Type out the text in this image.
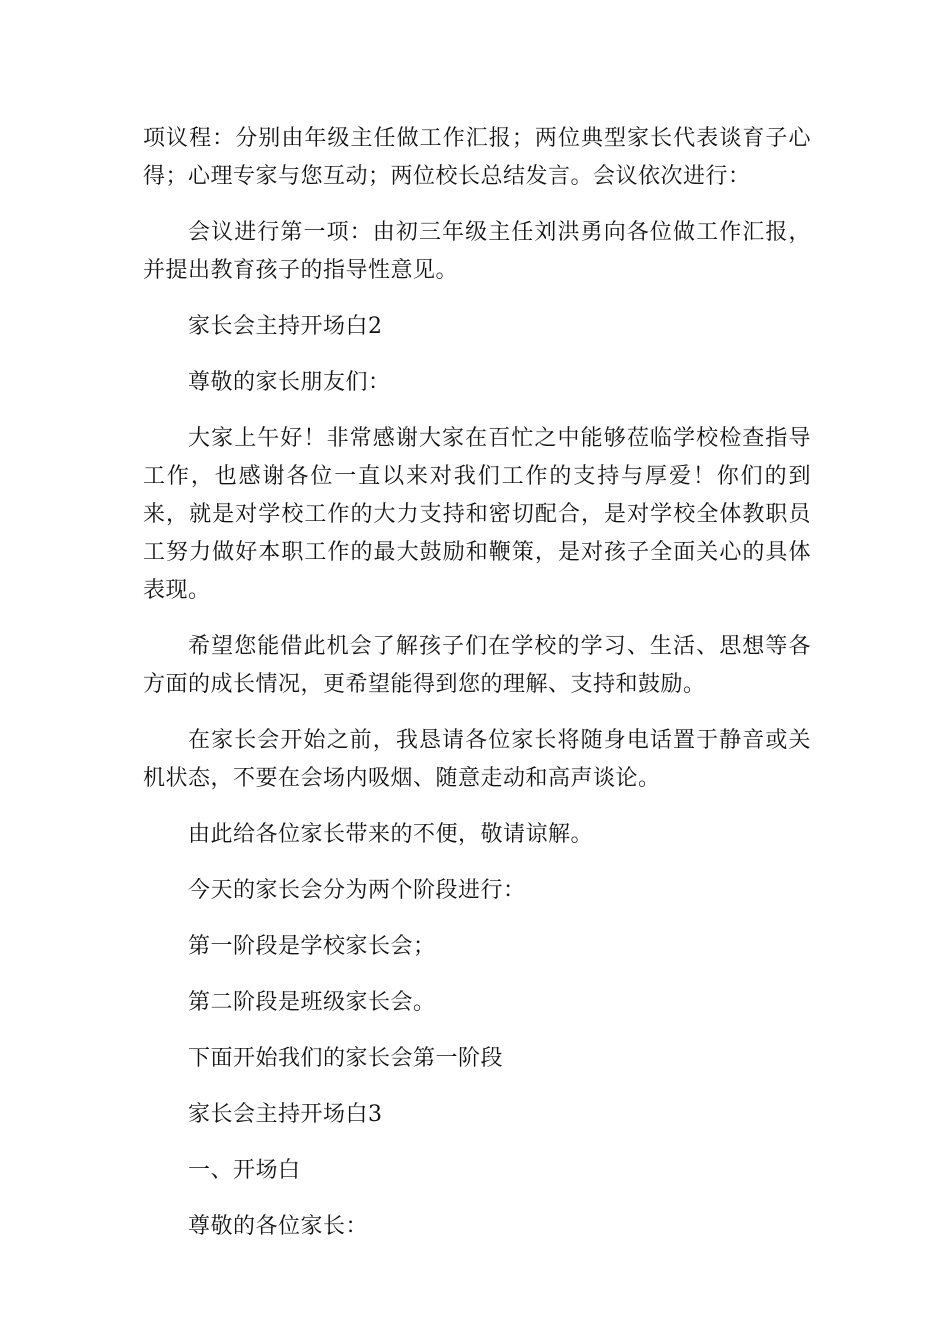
项议程：分别由年级主任做工作汇报；两位典型家长代表谈育子心得；心理专家与您互动；两位校长总结发言。会议依次进行：

会议进行第一项：由初三年级主任刘洪勇向各位做工作汇报，并提出教育孩子的指导性意见。

家长会主持开场白2

尊敬的家长朋友们：

大家上午好！非常感谢大家在百忙之中能够莅临学校检查指导工作，也感谢各位一直以来对我们工作的支持与厚爱！你们的到来，就是对学校工作的大力支持和密切配合，是对学校全体教职员工努力做好本职工作的最大鼓励和鞭策，是对孩子全面关心的具体表现。

希望您能借此机会了解孩子们在学校的学习、生活、思想等各方面的成长情况，更希望能得到您的理解、支持和鼓励。

在家长会开始之前，我恳请各位家长将随身电话置于静音或关机状态，不要在会场内吸烟、随意走动和高声谈论。

由此给各位家长带来的不便，敬请谅解。

今天的家长会分为两个阶段进行：

第一阶段是学校家长会；

第二阶段是班级家长会。

下面开始我们的家长会第一阶段

家长会主持开场白3

一、开场白

尊敬的各位家长：
